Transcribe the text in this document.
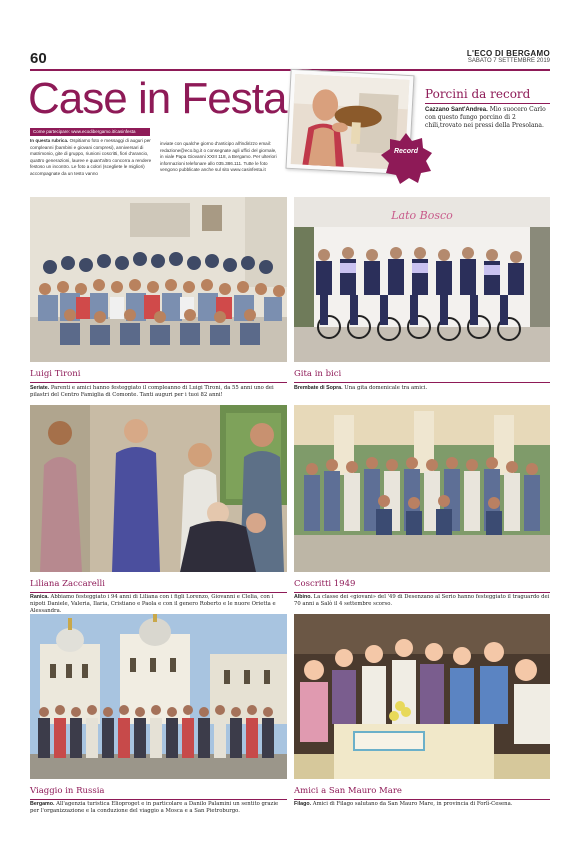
60	L'ECO DI BERGAMO
SABATO 7 SETTEMBRE 2019
Case in Festa
Come partecipare: www.ecodibergamo.it/casinfesta
In questa rubrica. Ospitiamo foto e messaggi di auguri per compleanni (bambini e giovani compresi), anniversari di matrimonio, gite di gruppo, riunioni coscritti, fiori d'arancio, quattro generazioni, lauree e quant'altro concorra a rendere festoso un incontro. Le foto a colori (scegliete le migliori) accompagnate da un testo vanno
inviate con qualche giorno d'anticipo all'indirizzo email: redazione@eco.bg.it o consegnate agli uffici del giornale, in viale Papa Giovanni XXIII 118, a Bergamo. Per ulteriori informazioni telefonare allo 035.386.111. Tutte le foto vengono pubblicate anche sul sito www.casinfesta.it
Record
Porcini da record
Cazzano Sant'Andrea. Mio suocero Carlo con questo fungo porcino di 2 chili,trovato nei pressi della Presolana.
Lato Bosco
Luigi Tironi
Seriate. Parenti e amici hanno festeggiato il compleanno di Luigi Tironi, da 55 anni uno dei pilastri del Centro Famiglia di Comonte. Tanti auguri per i tuoi 82 anni!
Gita in bici
Brembate di Sopra. Una gita domenicale tra amici.
Liliana Zaccarelli
Ranica. Abbiamo festeggiato i 94 anni di Liliana con i figli Lorenzo, Giovanni e Clelia, con i nipoti Daniele, Valeria, Ilaria, Cristiano e Paola e con il genero Roberto e le nuore Orietta e Alessandra.
Coscritti 1949
Albino. La classe dei «giovani» del '49 di Desenzano al Serio hanno festeggiato il traguardo dei 70 anni a Salò il 4 settembre scorso.
Viaggio in Russia
Bergamo. All'agenzia turistica Elioproget e in particolare a Danilo Palamini un sentito grazie per l'organizzazione e la conduzione del viaggio a Mosca e a San Pietroburgo.
Amici a San Mauro Mare
Filago. Amici di Filago salutano da San Mauro Mare, in provincia di Forlì-Cesena.
